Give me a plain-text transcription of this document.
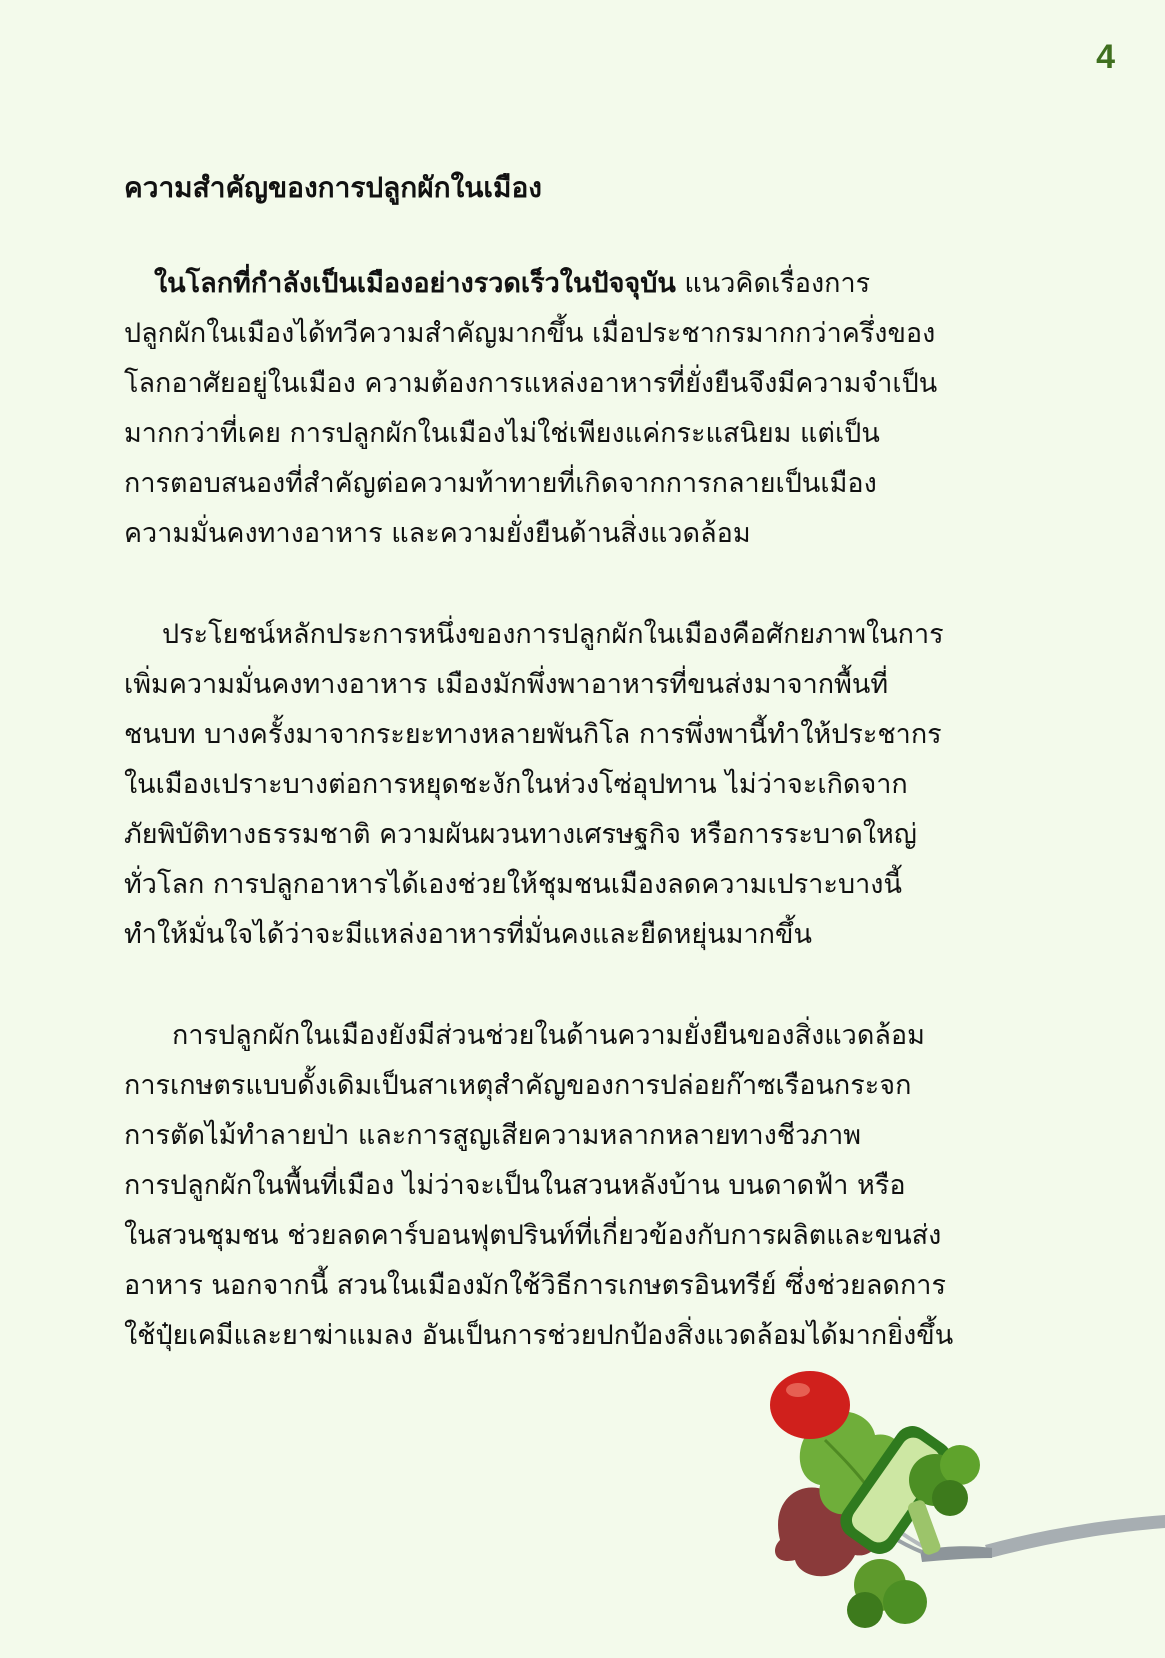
4
ความสำคัญของการปลูกผักในเมือง
ในโลกที่กำลังเป็นเมืองอย่างรวดเร็วในปัจจุบัน แนวคิดเรื่องการ
ปลูกผักในเมืองได้ทวีความสำคัญมากขึ้น เมื่อประชากรมากกว่าครึ่งของ
โลกอาศัยอยู่ในเมือง ความต้องการแหล่งอาหารที่ยั่งยืนจึงมีความจำเป็น
มากกว่าที่เคย การปลูกผักในเมืองไม่ใช่เพียงแค่กระแสนิยม แต่เป็น
การตอบสนองที่สำคัญต่อความท้าทายที่เกิดจากการกลายเป็นเมือง
ความมั่นคงทางอาหาร และความยั่งยืนด้านสิ่งแวดล้อม
ประโยชน์หลักประการหนึ่งของการปลูกผักในเมืองคือศักยภาพในการ
เพิ่มความมั่นคงทางอาหาร เมืองมักพึ่งพาอาหารที่ขนส่งมาจากพื้นที่
ชนบท บางครั้งมาจากระยะทางหลายพันกิโล การพึ่งพานี้ทำให้ประชากร
ในเมืองเปราะบางต่อการหยุดชะงักในห่วงโซ่อุปทาน ไม่ว่าจะเกิดจาก
ภัยพิบัติทางธรรมชาติ ความผันผวนทางเศรษฐกิจ หรือการระบาดใหญ่
ทั่วโลก การปลูกอาหารได้เองช่วยให้ชุมชนเมืองลดความเปราะบางนี้
ทำให้มั่นใจได้ว่าจะมีแหล่งอาหารที่มั่นคงและยืดหยุ่นมากขึ้น
การปลูกผักในเมืองยังมีส่วนช่วยในด้านความยั่งยืนของสิ่งแวดล้อม
การเกษตรแบบดั้งเดิมเป็นสาเหตุสำคัญของการปล่อยก๊าซเรือนกระจก
การตัดไม้ทำลายป่า และการสูญเสียความหลากหลายทางชีวภาพ
การปลูกผักในพื้นที่เมือง ไม่ว่าจะเป็นในสวนหลังบ้าน บนดาดฟ้า หรือ
ในสวนชุมชน ช่วยลดคาร์บอนฟุตปรินท์ที่เกี่ยวข้องกับการผลิตและขนส่ง
อาหาร นอกจากนี้ สวนในเมืองมักใช้วิธีการเกษตรอินทรีย์ ซึ่งช่วยลดการ
ใช้ปุ๋ยเคมีและยาฆ่าแมลง อันเป็นการช่วยปกป้องสิ่งแวดล้อมได้มากยิ่งขึ้น
